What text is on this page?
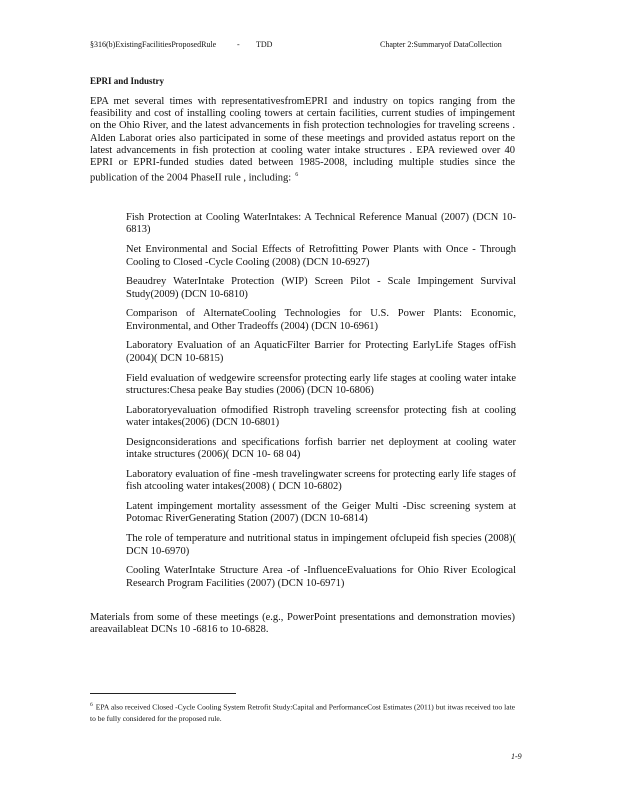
§316(b)ExistingFacilitiesProposedRule	- TDD	Chapter 2:Summaryof DataCollection
EPRI and Industry
EPA met several times with representativesfromEPRI and industry on topics ranging from the feasibility and cost of installing cooling towers at certain facilities, current studies of impingement on the Ohio River, and the latest advancements in fish protection technologies for traveling screens . Alden Laborat ories also participated in some of these meetings and provided astatus report on the latest advancements in fish protection at cooling water intake structures . EPA reviewed over 40 EPRI or EPRI-funded studies dated between 1985-2008, including multiple studies since the publication of the 2004 PhaseII rule , including: $^6$
Fish Protection at Cooling WaterIntakes: A Technical Reference Manual (2007) (DCN 10-6813)
Net Environmental and Social Effects of Retrofitting Power Plants with Once - Through Cooling to Closed -Cycle Cooling (2008) (DCN 10-6927)
Beaudrey WaterIntake Protection (WIP) Screen Pilot - Scale Impingement Survival Study(2009) (DCN 10-6810)
Comparison of AlternateCooling Technologies for U.S. Power Plants: Economic, Environmental, and Other Tradeoffs (2004) (DCN 10-6961)
Laboratory Evaluation of an AquaticFilter Barrier for Protecting EarlyLife Stages ofFish (2004)( DCN 10-6815)
Field evaluation of wedgewire screensfor protecting early life stages at cooling water intake structures:Chesa peake Bay studies (2006) (DCN 10-6806)
Laboratoryevaluation ofmodified Ristroph traveling screensfor protecting fish at cooling water intakes(2006) (DCN 10-6801)
Designconsiderations and specifications forfish barrier net deployment at cooling water intake structures (2006)( DCN 10- 68 04)
Laboratory evaluation of fine -mesh travelingwater screens for protecting early life stages of fish atcooling water intakes(2008) ( DCN 10-6802)
Latent impingement mortality assessment of the Geiger Multi -Disc screening system at Potomac RiverGenerating Station (2007) (DCN 10-6814)
The role of temperature and nutritional status in impingement ofclupeid fish species (2008)( DCN 10-6970)
Cooling WaterIntake Structure Area -of -InfluenceEvaluations for Ohio River Ecological Research Program Facilities (2007) (DCN 10-6971)
Materials from some of these meetings (e.g., PowerPoint presentations and demonstration movies) areavailableat DCNs 10 -6816 to 10-6828.
$^6$ EPA also received Closed -Cycle Cooling System Retrofit Study:Capital and PerformanceCost Estimates (2011) but itwas received too late to be fully considered for the proposed rule.
1-9
